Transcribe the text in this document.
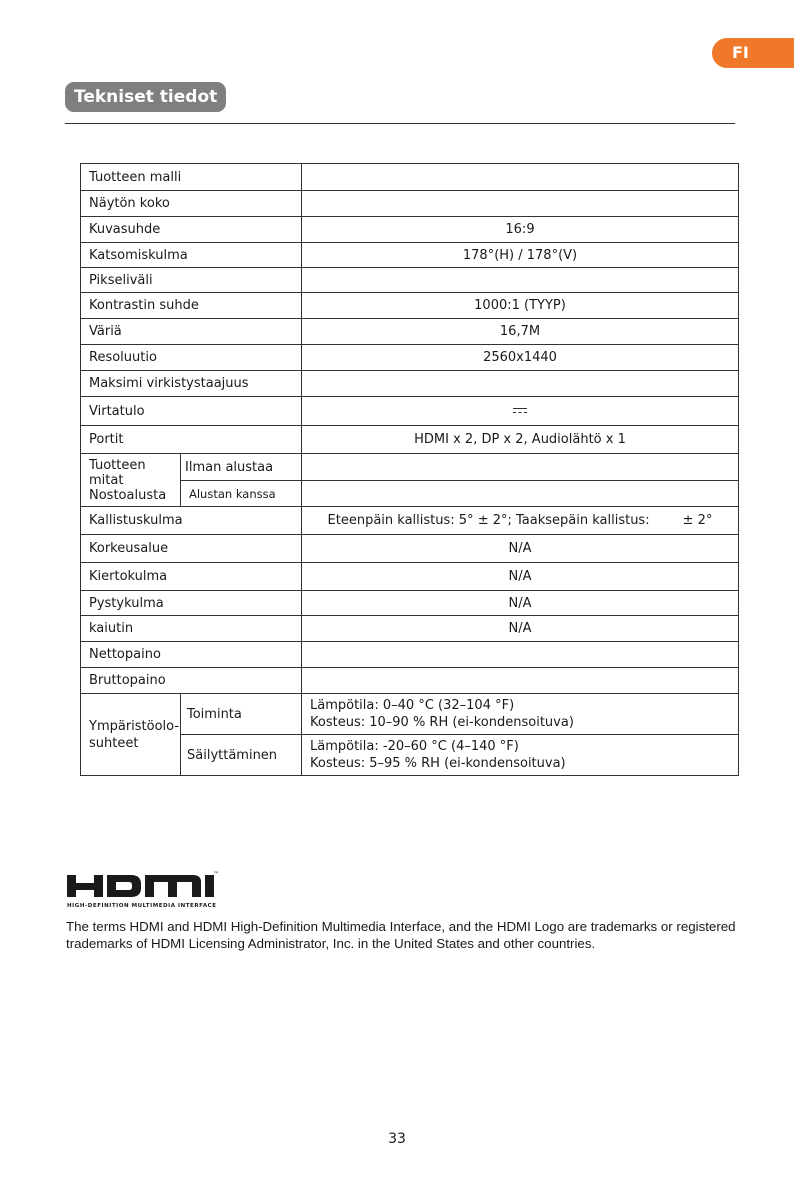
FI
Tekniset tiedot
Tuotteen malli		
Näytön koko		
Kuvasuhde		16:9
Katsomiskulma		178°(H) / 178°(V)
Pikseliväli		
Kontrastin suhde		1000:1 (TYYP)
Väriä		16,7M
Resoluutio		2560x1440
Maksimi virkistystaajuus		
Virtatulo		
Portit		HDMI x 2, DP x 2, Audiolähtö x 1
Tuotteen mitat Nostoalusta	Ilman alustaa	
	Alustan kanssa	
Kallistuskulma		Eteenpäin kallistus: 5° ± 2°; Taaksepäin kallistus:        ± 2°
Korkeusalue		N/A
Kiertokulma		N/A
Pystykulma		N/A
kaiutin		N/A
Nettopaino		
Bruttopaino		
Ympäristöolo-suhteet	Toiminta	Lämpötila: 0–40 °C (32–104 °F)
Kosteus: 10–90 % RH (ei-kondensoituva)

	Säilyttäminen	Lämpötila: -20–60 °C (4–140 °F)
Kosteus: 5–95 % RH (ei-kondensoituva)
™
HIGH-DEFINITION MULTIMEDIA INTERFACE
The terms HDMI and HDMI High-Definition Multimedia Interface, and the HDMI Logo are trademarks or registered trademarks of HDMI Licensing Administrator, Inc. in the United States and other countries.
33
